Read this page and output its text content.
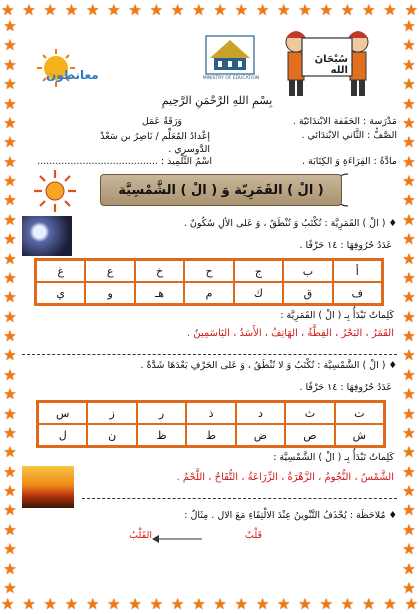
★ ★ ★ ★ ★ ★ ★ ★ ★ ★ ★ ★ ★ ★ ★ ★ ★ ★ ★ ★
★ ★ ★ ★ ★ ★ ★ ★ ★ ★ ★ ★ ★ ★ ★ ★ ★ ★ ★ ★
★
★
★
★
★
★
★
★
★
★
★
★
★
★
★
★
★
★
★
★
★
★
★
★
★
★
★
★
★
★
★
★
★
★
★
★
★
★
★
★
★
★
★
★
★
★
★
★
★
★
★
★
★
★
★
★
★
★
★
★
سُبْحَانَ الله
MINISTRY OF EDUCATION
معانطون
بِسْمِ اللهِ الرَّحْمَنِ الرَّحِيمِ
مَدْرَسة : الحَفَفة الابْتدَائيّة .
وَرَقَةُ عَمَل
الصَّفُّ : الثَّاني الابْتدَائي .
إعْدادُ المُعَلِّم / نَاصِرُ بن سَعْدْ الدَّوسري .
مادَّةُ : القِرَاءَةِ وَ الكِتَابَة .
اسْمُ التِّلْمِيذ : ........................................
( الْ ) القَمَرِيّة وَ ( الْ ) الشَّمْسِيَّة
♦ ( الْ ) القَمَرِيَّة : تُكْتَبُ وَ تُنْطَقُ ، وَ عَلى الألِ سُكُونٌ .
عَدَدُ حُرُوفِهَا : ١٤ حَرْفًا .
أ
ب
ج
ح
خ
ع
غ
ف
ق
ك
م
هـ
و
ي
كَلِماتٌ تَبْدَأُ بِـ ( الْ ) القَمَرِيَّة :
القَمَرُ ، البَحْرُ ، القِطَّةُ ، الهَاتِفُ ، الأَسَدُ ، اليَاسَمِينُ .
♦ ( الْ ) الشَّمْسِيَّة : تُكْتَبُ وَ لا تُنْطَقُ ، وَ عَلى الحَرْفِ بَعْدَهَا شَدَّةٌ .
عَدَدُ حُرُوفِهَا : ١٤ حَرْفًا .
ت
ث
د
ذ
ر
ز
س
ش
ص
ض
ط
ظ
ن
ل
كَلِماتٌ تَبْدَأُ بِـ ( الْ ) الشَّمْسِيَّة :
الشَّمْسُ ، النُّجُومُ ، الزَّهْرَةُ ، الزِّرَاعَةُ ، التُّفَاحُ ، اللَّحْمُ .
♦ مُلاحَظَة : يُحْذَفُ التَّنْوينُ عِنْدَ الالْتِقَاءِ مَعَ الال . مِثَالٌ :
قَلْبٌ
القَلْبُ
